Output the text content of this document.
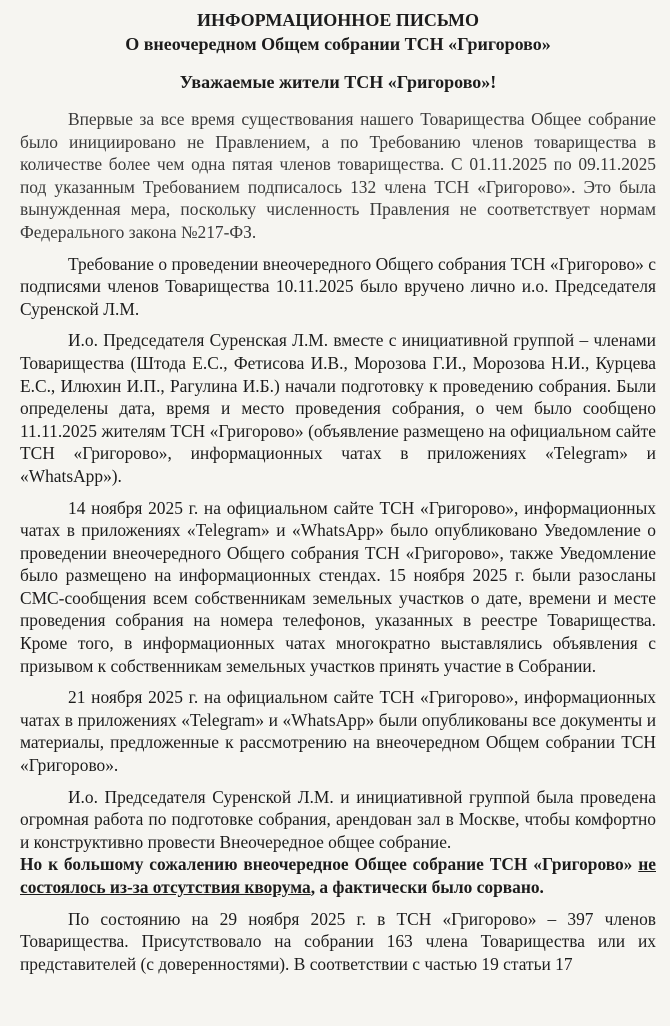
ИНФОРМАЦИОННОЕ ПИСЬМО
О внеочередном Общем собрании ТСН «Григорово»

Уважаемые жители ТСН «Григорово»!

Впервые за все время существования нашего Товарищества Общее собрание было инициировано не Правлением, а по Требованию членов товарищества в количестве более чем одна пятая членов товарищества. С 01.11.2025 по 09.11.2025 под указанным Требованием подписалось 132 члена ТСН «Григорово». Это была вынужденная мера, поскольку численность Правления не соответствует нормам Федерального закона №217-ФЗ.

Требование о проведении внеочередного Общего собрания ТСН «Григорово» с подписями членов Товарищества 10.11.2025 было вручено лично и.о. Председателя Суренской Л.М.

И.о. Председателя Суренская Л.М. вместе с инициативной группой – членами Товарищества (Штода Е.С., Фетисова И.В., Морозова Г.И., Морозова Н.И., Курцева Е.С., Илюхин И.П., Рагулина И.Б.) начали подготовку к проведению собрания. Были определены дата, время и место проведения собрания, о чем было сообщено 11.11.2025 жителям ТСН «Григорово» (объявление размещено на официальном сайте ТСН «Григорово», информационных чатах в приложениях «Telegram» и «WhatsApp»).

14 ноября 2025 г. на официальном сайте ТСН «Григорово», информационных чатах в приложениях «Telegram» и «WhatsApp» было опубликовано Уведомление о проведении внеочередного Общего собрания ТСН «Григорово», также Уведомление было размещено на информационных стендах. 15 ноября 2025 г. были разосланы СМС-сообщения всем собственникам земельных участков о дате, времени и месте проведения собрания на номера телефонов, указанных в реестре Товарищества. Кроме того, в информационных чатах многократно выставлялись объявления с призывом к собственникам земельных участков принять участие в Собрании.

21 ноября 2025 г. на официальном сайте ТСН «Григорово», информационных чатах в приложениях «Telegram» и «WhatsApp» были опубликованы все документы и материалы, предложенные к рассмотрению на внеочередном Общем собрании ТСН «Григорово».

И.о. Председателя Суренской Л.М. и инициативной группой была проведена огромная работа по подготовке собрания, арендован зал в Москве, чтобы комфортно и конструктивно провести Внеочередное общее собрание.

Но к большому сожалению внеочередное Общее собрание ТСН «Григорово» не состоялось из-за отсутствия кворума, а фактически было сорвано.

По состоянию на 29 ноября 2025 г. в ТСН «Григорово» – 397 членов Товарищества. Присутствовало на собрании 163 члена Товарищества или их представителей (с доверенностями). В соответствии с частью 19 статьи 17
